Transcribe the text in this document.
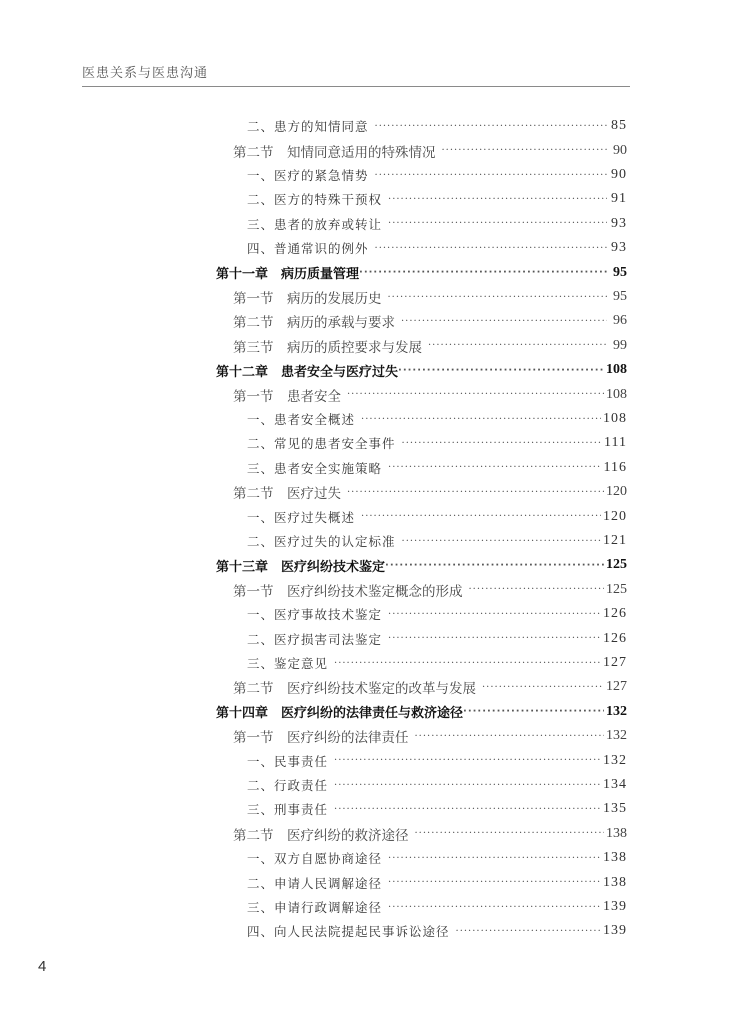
医患关系与医患沟通
二、患方的知情同意 ·····	85
第二节　知情同意适用的特殊情况 ·····	90
一、医疗的紧急情势 ·····	90
二、医方的特殊干预权 ·····	91
三、患者的放弃或转让 ·····	93
四、普通常识的例外 ·····	93
第十一章　病历质量管理 ·····	95
第一节　病历的发展历史 ·····	95
第二节　病历的承载与要求 ·····	96
第三节　病历的质控要求与发展 ·····	99
第十二章　患者安全与医疗过失 ·····	108
第一节　患者安全 ·····	108
一、患者安全概述 ·····	108
二、常见的患者安全事件 ·····	111
三、患者安全实施策略 ·····	116
第二节　医疗过失 ·····	120
一、医疗过失概述 ·····	120
二、医疗过失的认定标准 ·····	121
第十三章　医疗纠纷技术鉴定 ·····	125
第一节　医疗纠纷技术鉴定概念的形成 ·····	125
一、医疗事故技术鉴定 ·····	126
二、医疗损害司法鉴定 ·····	126
三、鉴定意见 ·····	127
第二节　医疗纠纷技术鉴定的改革与发展 ·····	127
第十四章　医疗纠纷的法律责任与救济途径 ·····	132
第一节　医疗纠纷的法律责任 ·····	132
一、民事责任 ·····	132
二、行政责任 ·····	134
三、刑事责任 ·····	135
第二节　医疗纠纷的救济途径 ·····	138
一、双方自愿协商途径 ·····	138
二、申请人民调解途径 ·····	138
三、申请行政调解途径 ·····	139
四、向人民法院提起民事诉讼途径 ·····	139
4
